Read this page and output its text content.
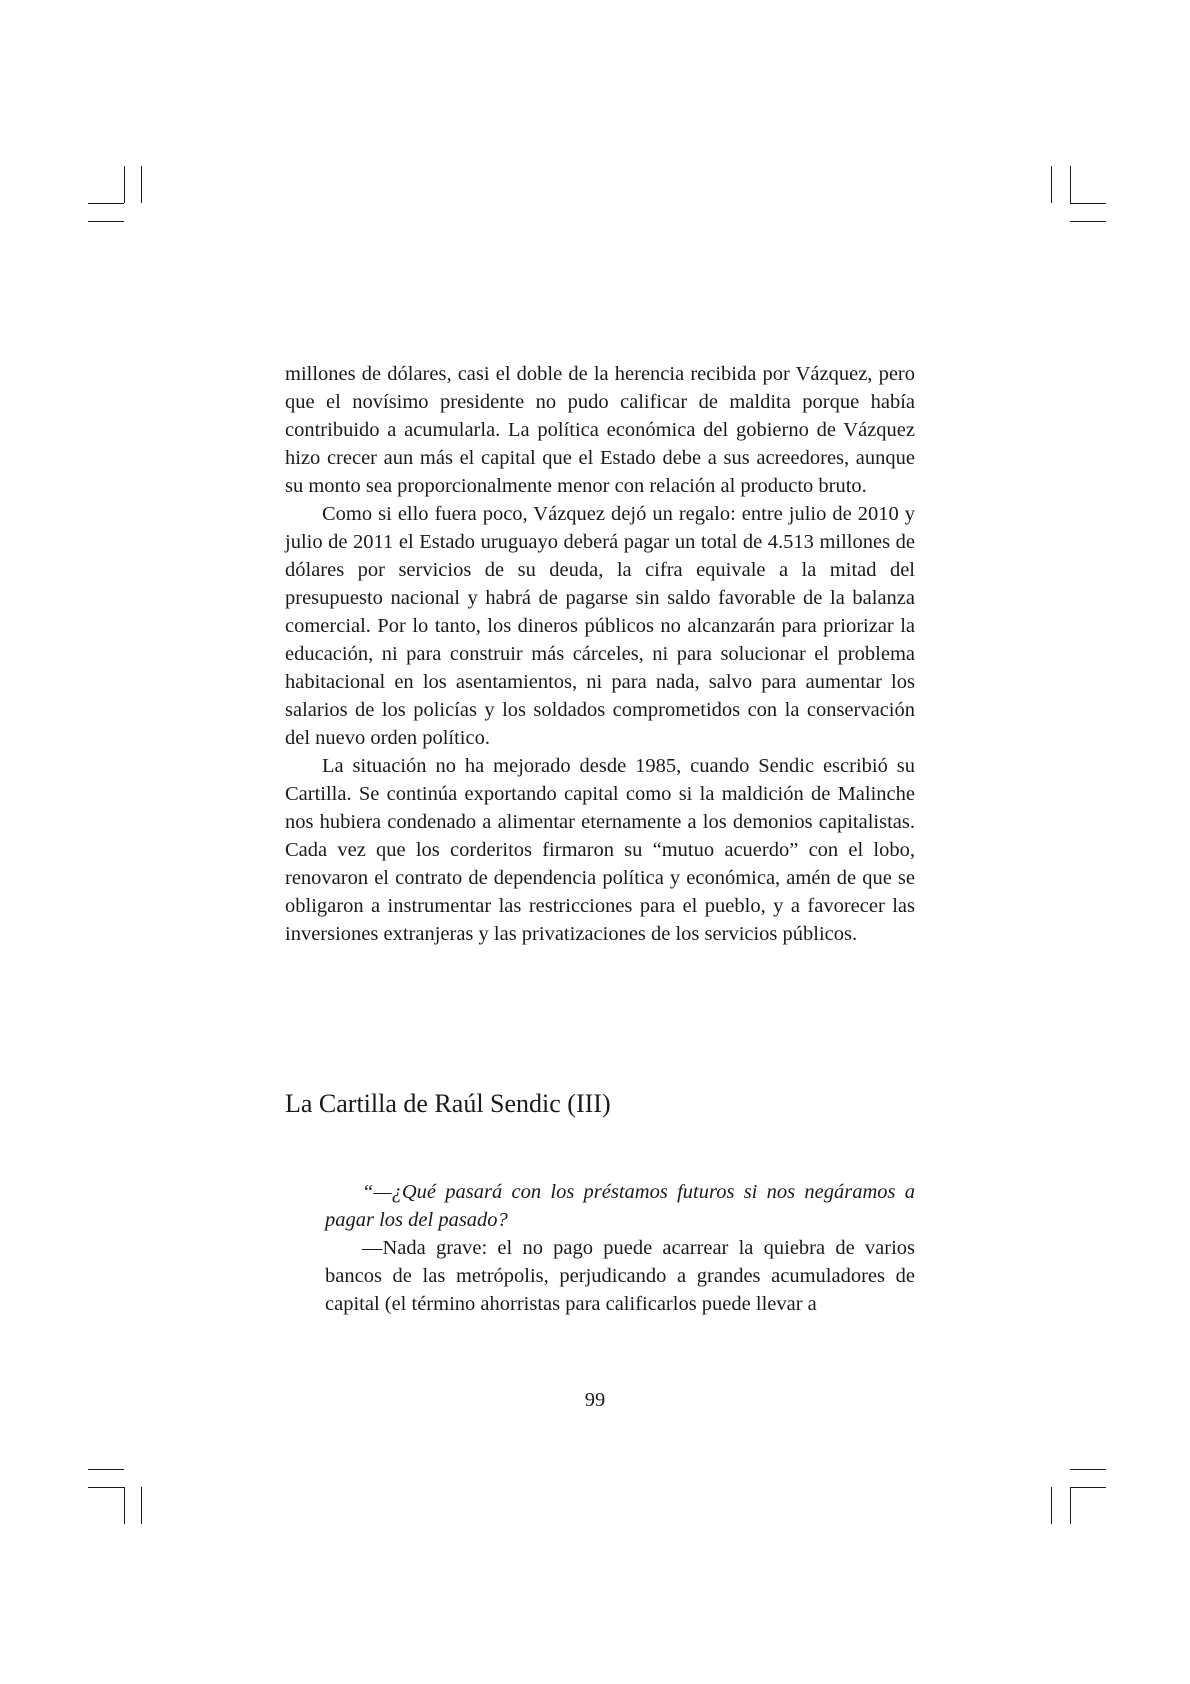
millones de dólares, casi el doble de la herencia recibida por Vázquez, pero que el novísimo presidente no pudo calificar de maldita porque había contribuido a acumularla. La política económica del gobierno de Vázquez hizo crecer aun más el capital que el Estado debe a sus acreedores, aunque su monto sea proporcionalmente menor con relación al producto bruto.

Como si ello fuera poco, Vázquez dejó un regalo: entre julio de 2010 y julio de 2011 el Estado uruguayo deberá pagar un total de 4.513 millones de dólares por servicios de su deuda, la cifra equivale a la mitad del presupuesto nacional y habrá de pagarse sin saldo favorable de la balanza comercial. Por lo tanto, los dineros públicos no alcanzarán para priorizar la educación, ni para construir más cárceles, ni para solucionar el problema habitacional en los asentamientos, ni para nada, salvo para aumentar los salarios de los policías y los soldados comprometidos con la conservación del nuevo orden político.

La situación no ha mejorado desde 1985, cuando Sendic escribió su Cartilla. Se continúa exportando capital como si la maldición de Malinche nos hubiera condenado a alimentar eternamente a los demonios capitalistas. Cada vez que los corderitos firmaron su “mutuo acuerdo” con el lobo, renovaron el contrato de dependencia política y económica, amén de que se obligaron a instrumentar las restricciones para el pueblo, y a favorecer las inversiones extranjeras y las privatizaciones de los servicios públicos.

La Cartilla de Raúl Sendic (III)

“—¿Qué pasará con los préstamos futuros si nos negáramos a pagar los del pasado?

—Nada grave: el no pago puede acarrear la quiebra de varios bancos de las metrópolis, perjudicando a grandes acumuladores de capital (el término ahorristas para calificarlos puede llevar a

99
